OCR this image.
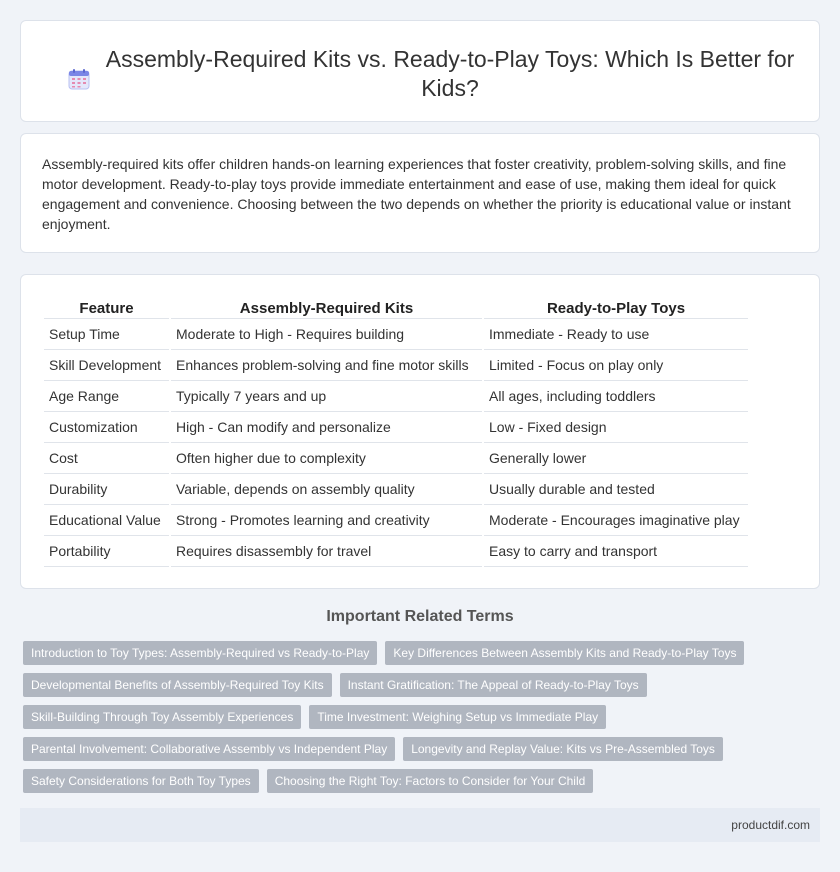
Assembly-Required Kits vs. Ready-to-Play Toys: Which Is Better for Kids?

Assembly-required kits offer children hands-on learning experiences that foster creativity, problem-solving skills, and fine motor development. Ready-to-play toys provide immediate entertainment and ease of use, making them ideal for quick engagement and convenience. Choosing between the two depends on whether the priority is educational value or instant enjoyment.

Feature	Assembly-Required Kits	Ready-to-Play Toys
Setup Time	Moderate to High - Requires building	Immediate - Ready to use
Skill Development	Enhances problem-solving and fine motor skills	Limited - Focus on play only
Age Range	Typically 7 years and up	All ages, including toddlers
Customization	High - Can modify and personalize	Low - Fixed design
Cost	Often higher due to complexity	Generally lower
Durability	Variable, depends on assembly quality	Usually durable and tested
Educational Value	Strong - Promotes learning and creativity	Moderate - Encourages imaginative play
Portability	Requires disassembly for travel	Easy to carry and transport
Important Related Terms
Introduction to Toy Types: Assembly-Required vs Ready-to-Play	Key Differences Between Assembly Kits and Ready-to-Play Toys
Developmental Benefits of Assembly-Required Toy Kits	Instant Gratification: The Appeal of Ready-to-Play Toys
Skill-Building Through Toy Assembly Experiences	Time Investment: Weighing Setup vs Immediate Play
Parental Involvement: Collaborative Assembly vs Independent Play	Longevity and Replay Value: Kits vs Pre-Assembled Toys
Safety Considerations for Both Toy Types	Choosing the Right Toy: Factors to Consider for Your Child
productdif.com
